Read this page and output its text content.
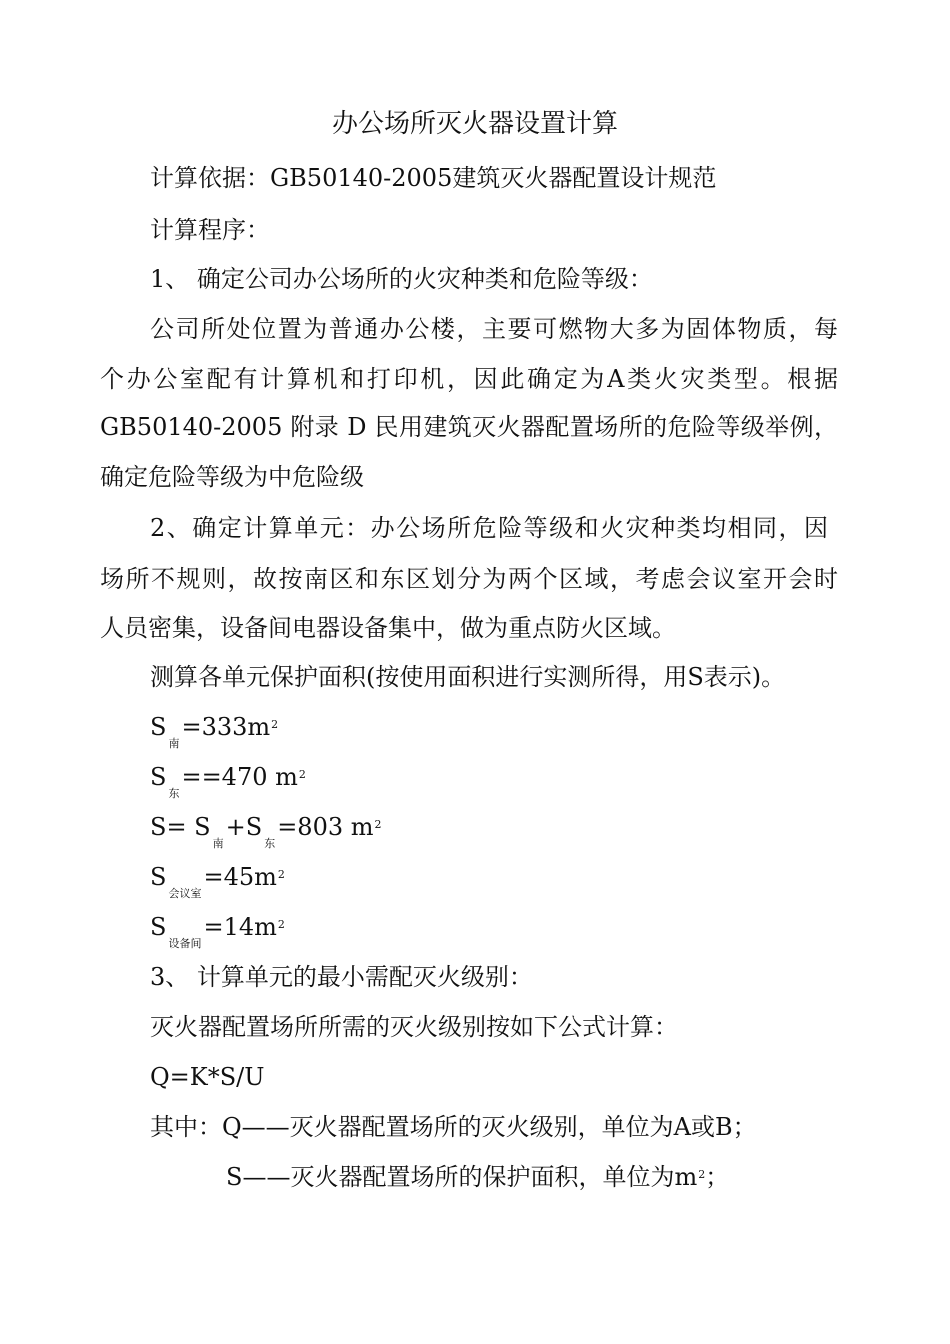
办公场所灭火器设置计算
计算依据：GB50140-2005建筑灭火器配置设计规范
计算程序：
1、 确定公司办公场所的火灾种类和危险等级：
公司所处位置为普通办公楼，主要可燃物大多为固体物质，每
个办公室配有计算机和打印机，因此确定为A类火灾类型。根据
GB50140-2005 附录 D 民用建筑灭火器配置场所的危险等级举例，
确定危险等级为中危险级
2、确定计算单元：办公场所危险等级和火灾种类均相同，因
场所不规则，故按南区和东区划分为两个区域，考虑会议室开会时
人员密集，设备间电器设备集中，做为重点防火区域。
测算各单元保护面积(按使用面积进行实测所得，用S表示)。
$S_南=333m^2$
$S_东==470$ $m^2$
$S= S_南+S_东=803$ $m^2$
$S_{会议室}=45m^2$
$S_{设备间}=14m^2$
3、 计算单元的最小需配灭火级别：
灭火器配置场所所需的灭火级别按如下公式计算：
Q=K*S/U
其中：Q——灭火器配置场所的灭火级别，单位为A或B；
S——灭火器配置场所的保护面积，单位为$m^2$；
